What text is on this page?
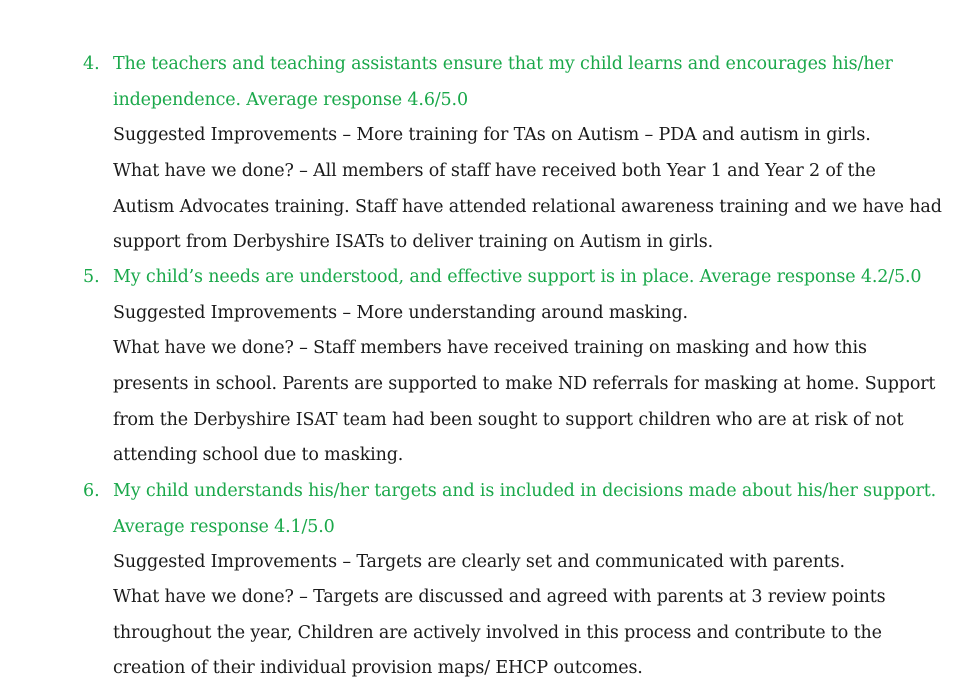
4. The teachers and teaching assistants ensure that my child learns and encourages his/her
independence. Average response 4.6/5.0
Suggested Improvements – More training for TAs on Autism – PDA and autism in girls.
What have we done? – All members of staff have received both Year 1 and Year 2 of the
Autism Advocates training. Staff have attended relational awareness training and we have had
support from Derbyshire ISATs to deliver training on Autism in girls.
5. My child’s needs are understood, and effective support is in place. Average response 4.2/5.0
Suggested Improvements – More understanding around masking.
What have we done? – Staff members have received training on masking and how this
presents in school. Parents are supported to make ND referrals for masking at home. Support
from the Derbyshire ISAT team had been sought to support children who are at risk of not
attending school due to masking.
6. My child understands his/her targets and is included in decisions made about his/her support.
Average response 4.1/5.0
Suggested Improvements – Targets are clearly set and communicated with parents.
What have we done? – Targets are discussed and agreed with parents at 3 review points
throughout the year, Children are actively involved in this process and contribute to the
creation of their individual provision maps/ EHCP outcomes.
